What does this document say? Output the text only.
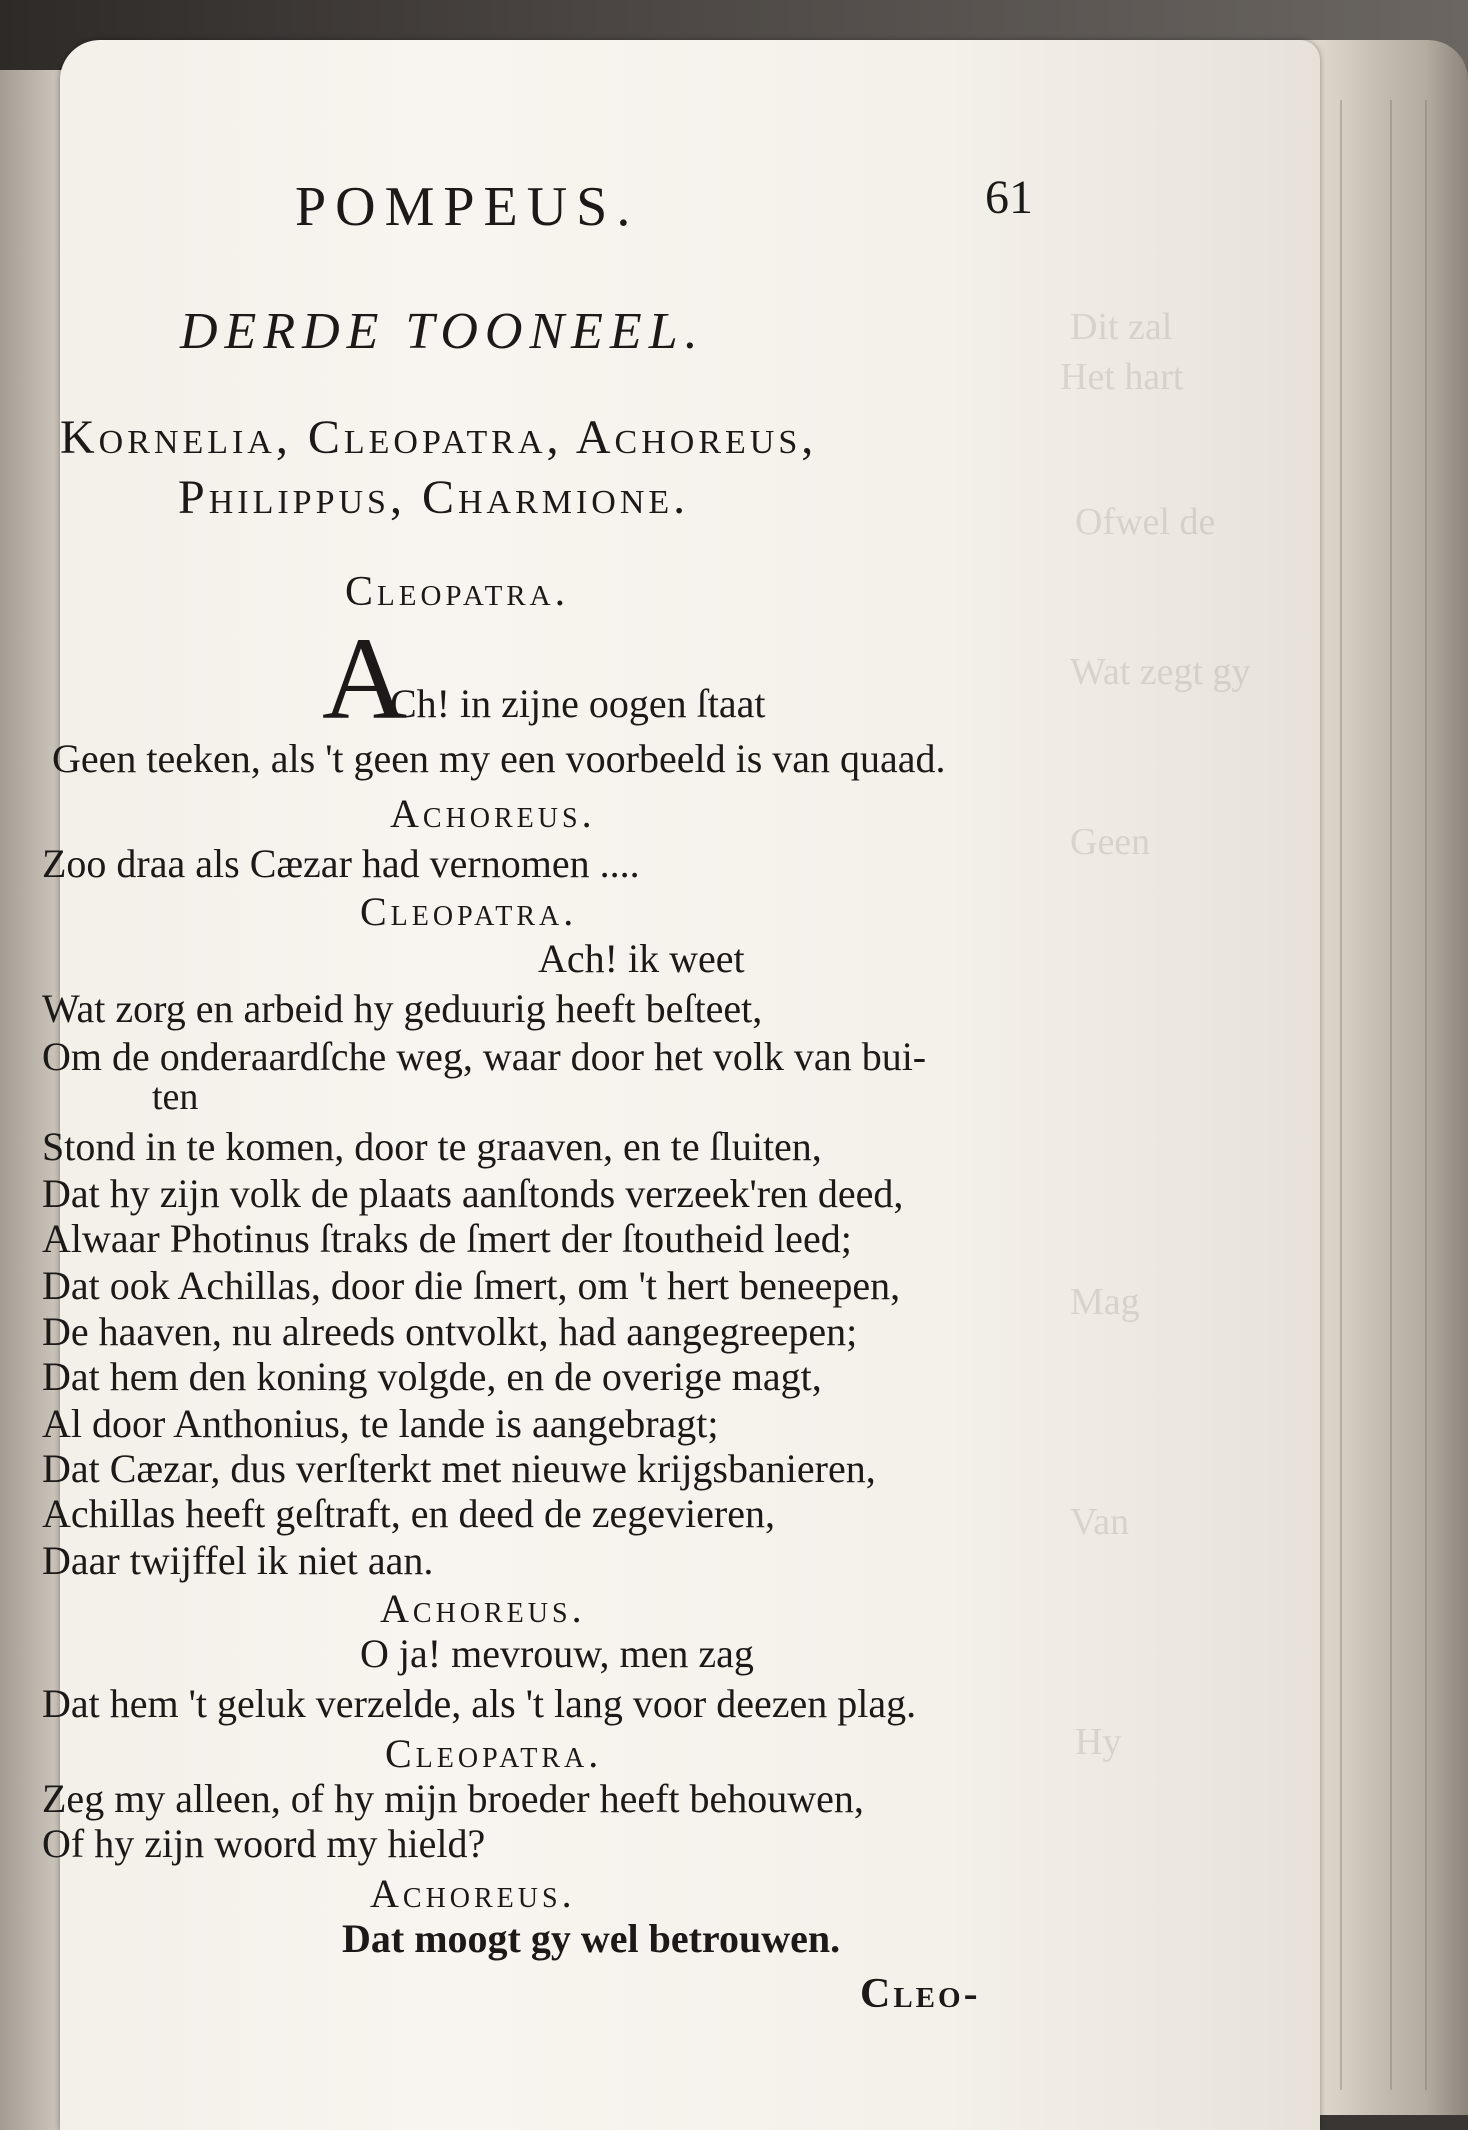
Dit zal
Het hart
Ofwel de
Wat zegt gy
Geen
Mag
Van
Hy
POMPEUS.	61
DERDE TOONEEL.
Kornelia, Cleopatra, Achoreus,
Philippus, Charmione.
Cleopatra.
A
Ch! in zijne oogen ſtaat
Geen teeken, als 't geen my een voorbeeld is van quaad.
Achoreus.
Zoo draa als Cæzar had vernomen ....
Cleopatra.
Ach! ik weet
Wat zorg en arbeid hy geduurig heeft beſteet,
Om de onderaardſche weg, waar door het volk van bui-
ten
Stond in te komen, door te graaven, en te ſluiten,
Dat hy zijn volk de plaats aanſtonds verzeek'ren deed,
Alwaar Photinus ſtraks de ſmert der ſtoutheid leed;
Dat ook Achillas, door die ſmert, om 't hert beneepen,
De haaven, nu alreeds ontvolkt, had aangegreepen;
Dat hem den koning volgde, en de overige magt,
Al door Anthonius, te lande is aangebragt;
Dat Cæzar, dus verſterkt met nieuwe krijgsbanieren,
Achillas heeft geſtraft, en deed de zegevieren,
Daar twijffel ik niet aan.
Achoreus.
O ja! mevrouw, men zag
Dat hem 't geluk verzelde, als 't lang voor deezen plag.
Cleopatra.
Zeg my alleen, of hy mijn broeder heeft behouwen,
Of hy zijn woord my hield?
Achoreus.
Dat moogt gy wel betrouwen.
Cleo-
